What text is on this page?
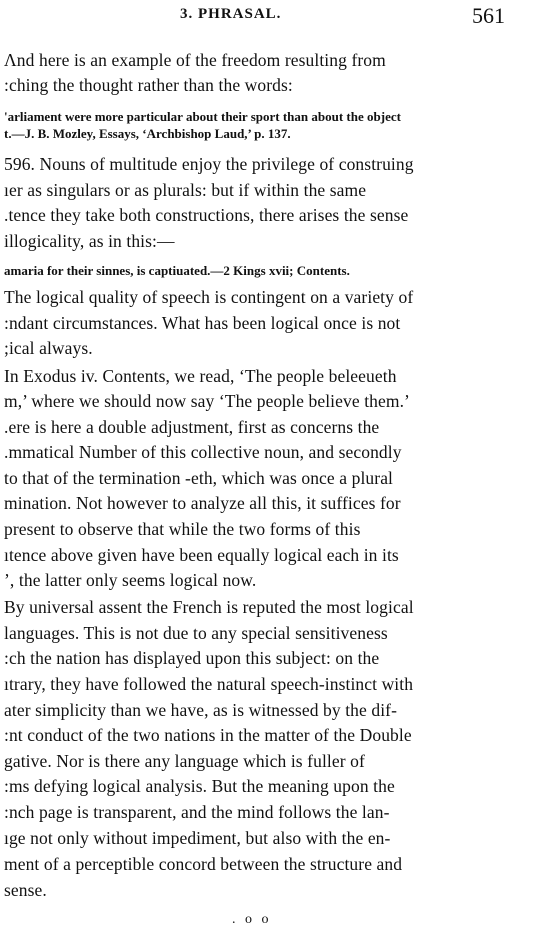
3. PHRASAL.	561
Ʌnd here is an example of the freedom resulting from
:ching the thought rather than the words:
'arliament were more particular about their sport than about the object
t.—J. B. Mozley, Essays, ‘Archbishop Laud,’ p. 137.
596. Nouns of multitude enjoy the privilege of construing
ıer as singulars or as plurals: but if within the same
.tence they take both constructions, there arises the sense
illogicality, as in this:—
amaria for their sinnes, is captiuated.—2 Kings xvii; Contents.
The logical quality of speech is contingent on a variety of
:ndant circumstances. What has been logical once is not
;ical always.
In Exodus iv. Contents, we read, ‘The people beleeueth
m,’ where we should now say ‘The people believe them.’
.ere is here a double adjustment, first as concerns the
.mmatical Number of this collective noun, and secondly
to that of the termination -eth, which was once a plural
mination. Not however to analyze all this, it suffices for
present to observe that while the two forms of this
ıtence above given have been equally logical each in its
’, the latter only seems logical now.
By universal assent the French is reputed the most logical
languages. This is not due to any special sensitiveness
:ch the nation has displayed upon this subject: on the
ıtrary, they have followed the natural speech-instinct with
ater simplicity than we have, as is witnessed by the dif-
:nt conduct of the two nations in the matter of the Double
gative. Nor is there any language which is fuller of
:ms defying logical analysis. But the meaning upon the
:nch page is transparent, and the mind follows the lan-
ıge not only without impediment, but also with the en-
ment of a perceptible concord between the structure and
sense.
. o o
